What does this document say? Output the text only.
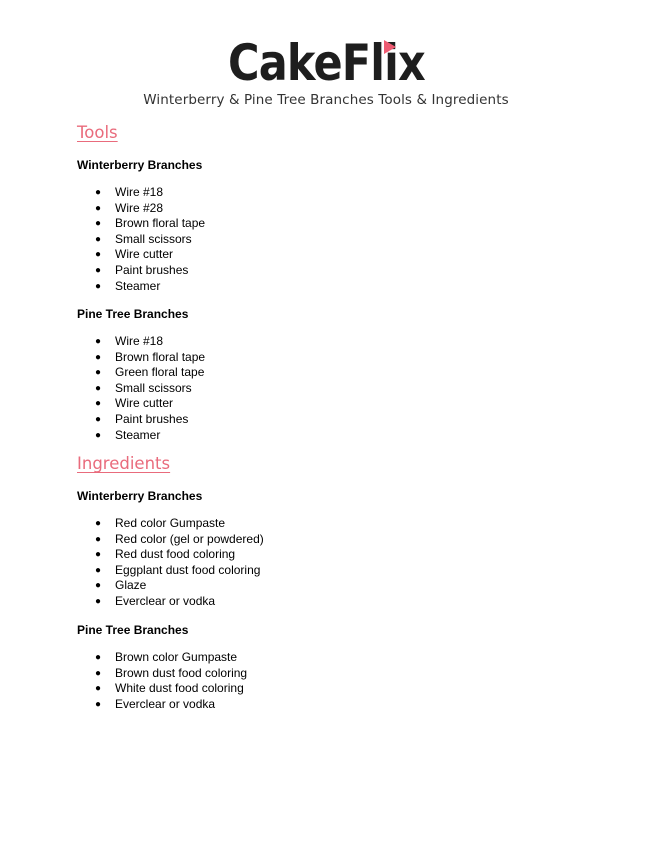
CakeFlix
Winterberry & Pine Tree Branches Tools & Ingredients
Tools
Winterberry Branches
● Wire #18
● Wire #28
● Brown floral tape
● Small scissors
● Wire cutter
● Paint brushes
● Steamer
Pine Tree Branches
● Wire #18
● Brown floral tape
● Green floral tape
● Small scissors
● Wire cutter
● Paint brushes
● Steamer
Ingredients
Winterberry Branches
● Red color Gumpaste
● Red color (gel or powdered)
● Red dust food coloring
● Eggplant dust food coloring
● Glaze
● Everclear or vodka
Pine Tree Branches
● Brown color Gumpaste
● Brown dust food coloring
● White dust food coloring
● Everclear or vodka
